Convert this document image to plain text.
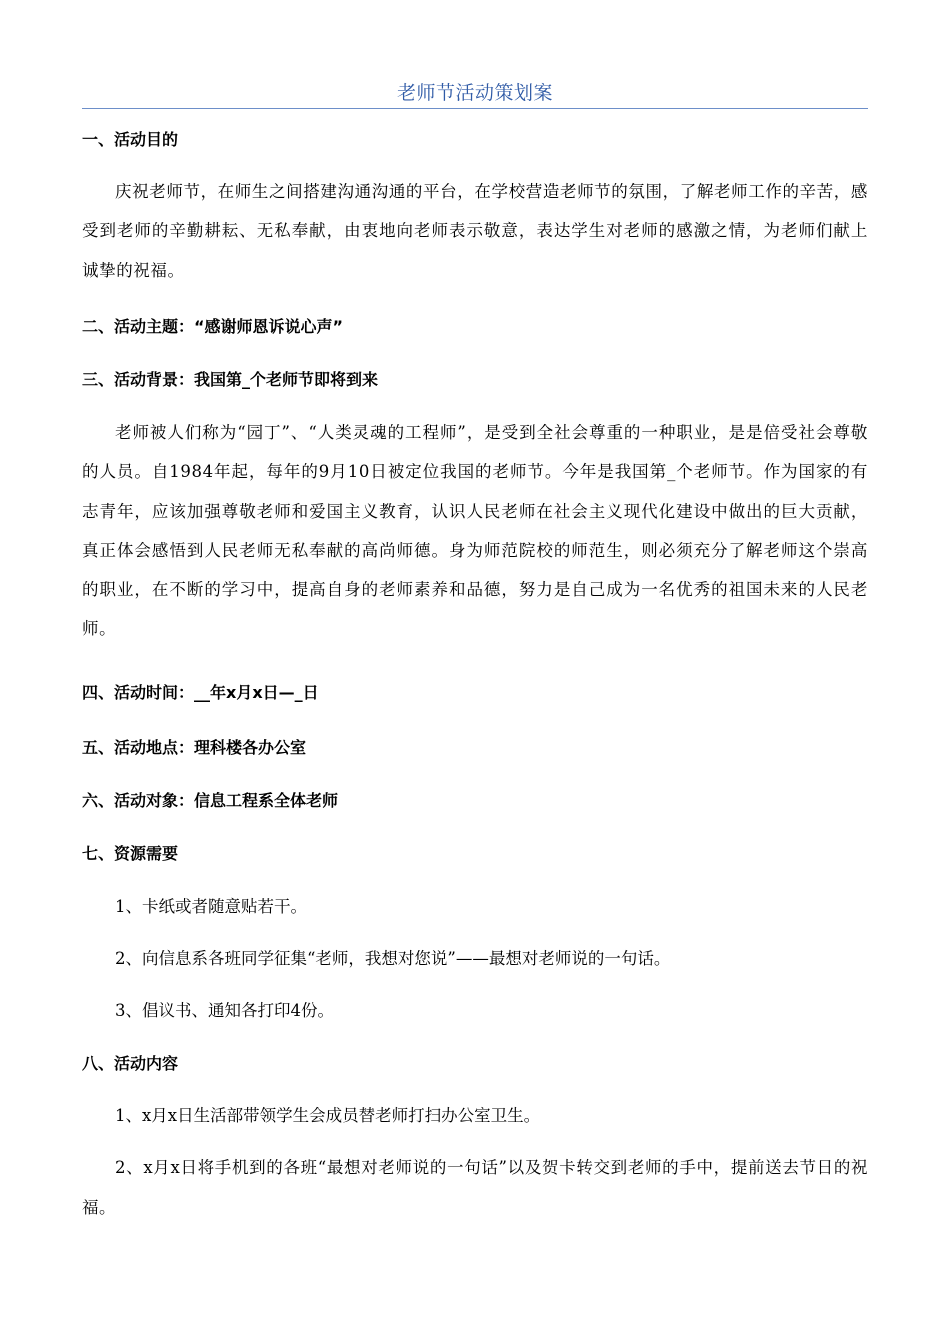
老师节活动策划案
一、活动目的
庆祝老师节，在师生之间搭建沟通沟通的平台，在学校营造老师节的氛围，了解老师工作的辛苦，感受到老师的辛勤耕耘、无私奉献，由衷地向老师表示敬意，表达学生对老师的感激之情，为老师们献上诚挚的祝福。
二、活动主题：“感谢师恩诉说心声”
三、活动背景：我国第_个老师节即将到来
老师被人们称为“园丁”、“人类灵魂的工程师”，是受到全社会尊重的一种职业，是是倍受社会尊敬的人员。自1984年起，每年的9月10日被定位我国的老师节。今年是我国第_个老师节。作为国家的有志青年，应该加强尊敬老师和爱国主义教育，认识人民老师在社会主义现代化建设中做出的巨大贡献，真正体会感悟到人民老师无私奉献的高尚师德。身为师范院校的师范生，则必须充分了解老师这个崇高的职业，在不断的学习中，提高自身的老师素养和品德，努力是自己成为一名优秀的祖国未来的人民老师。
四、活动时间：__年x月x日—_日
五、活动地点：理科楼各办公室
六、活动对象：信息工程系全体老师
七、资源需要
1、卡纸或者随意贴若干。
2、向信息系各班同学征集“老师，我想对您说”——最想对老师说的一句话。
3、倡议书、通知各打印4份。
八、活动内容
1、x月x日生活部带领学生会成员替老师打扫办公室卫生。
2、x月x日将手机到的各班“最想对老师说的一句话”以及贺卡转交到老师的手中，提前送去节日的祝福。
